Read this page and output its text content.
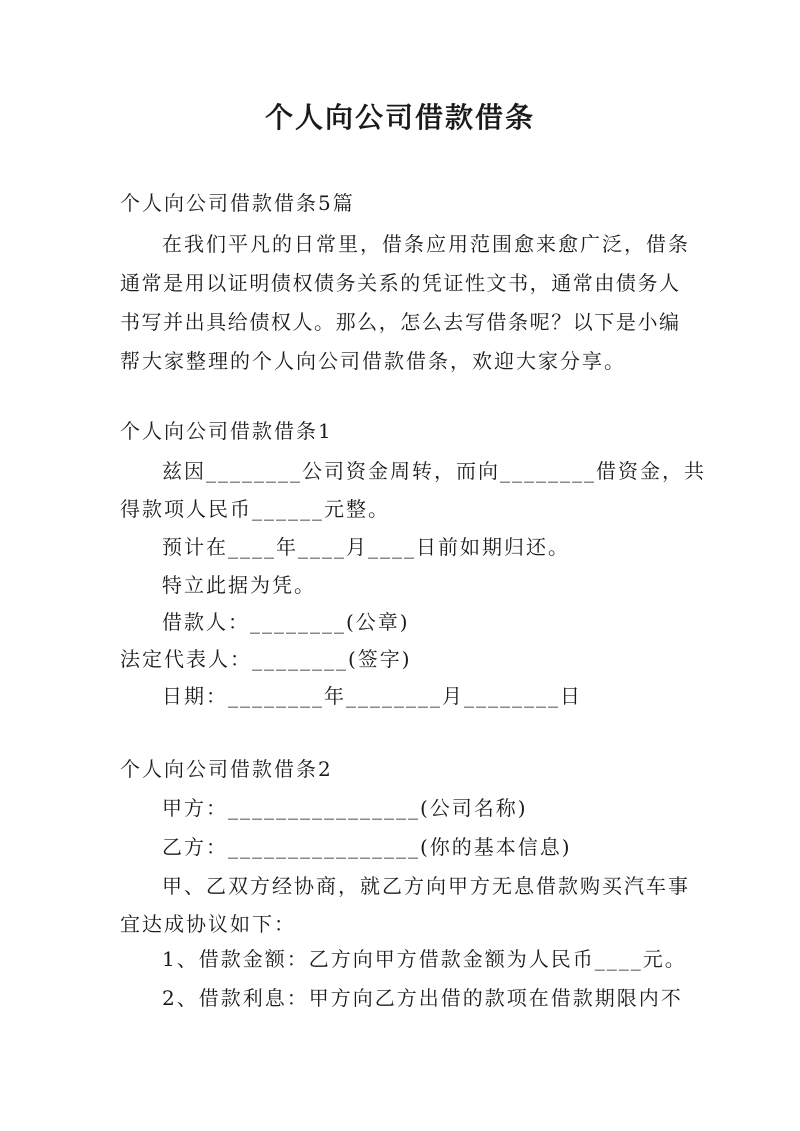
个人向公司借款借条
个人向公司借款借条5篇
在我们平凡的日常里，借条应用范围愈来愈广泛，借条
通常是用以证明债权债务关系的凭证性文书，通常由债务人
书写并出具给债权人。那么，怎么去写借条呢？以下是小编
帮大家整理的个人向公司借款借条，欢迎大家分享。
个人向公司借款借条1
兹因________公司资金周转，而向________借资金，共
得款项人民币______元整。
预计在____年____月____日前如期归还。
特立此据为凭。
借款人：________(公章)
法定代表人：________(签字)
日期：________年________月________日
个人向公司借款借条2
甲方：________________(公司名称)
乙方：________________(你的基本信息)
甲、乙双方经协商，就乙方向甲方无息借款购买汽车事
宜达成协议如下：
1、借款金额：乙方向甲方借款金额为人民币____元。
2、借款利息：甲方向乙方出借的款项在借款期限内不
